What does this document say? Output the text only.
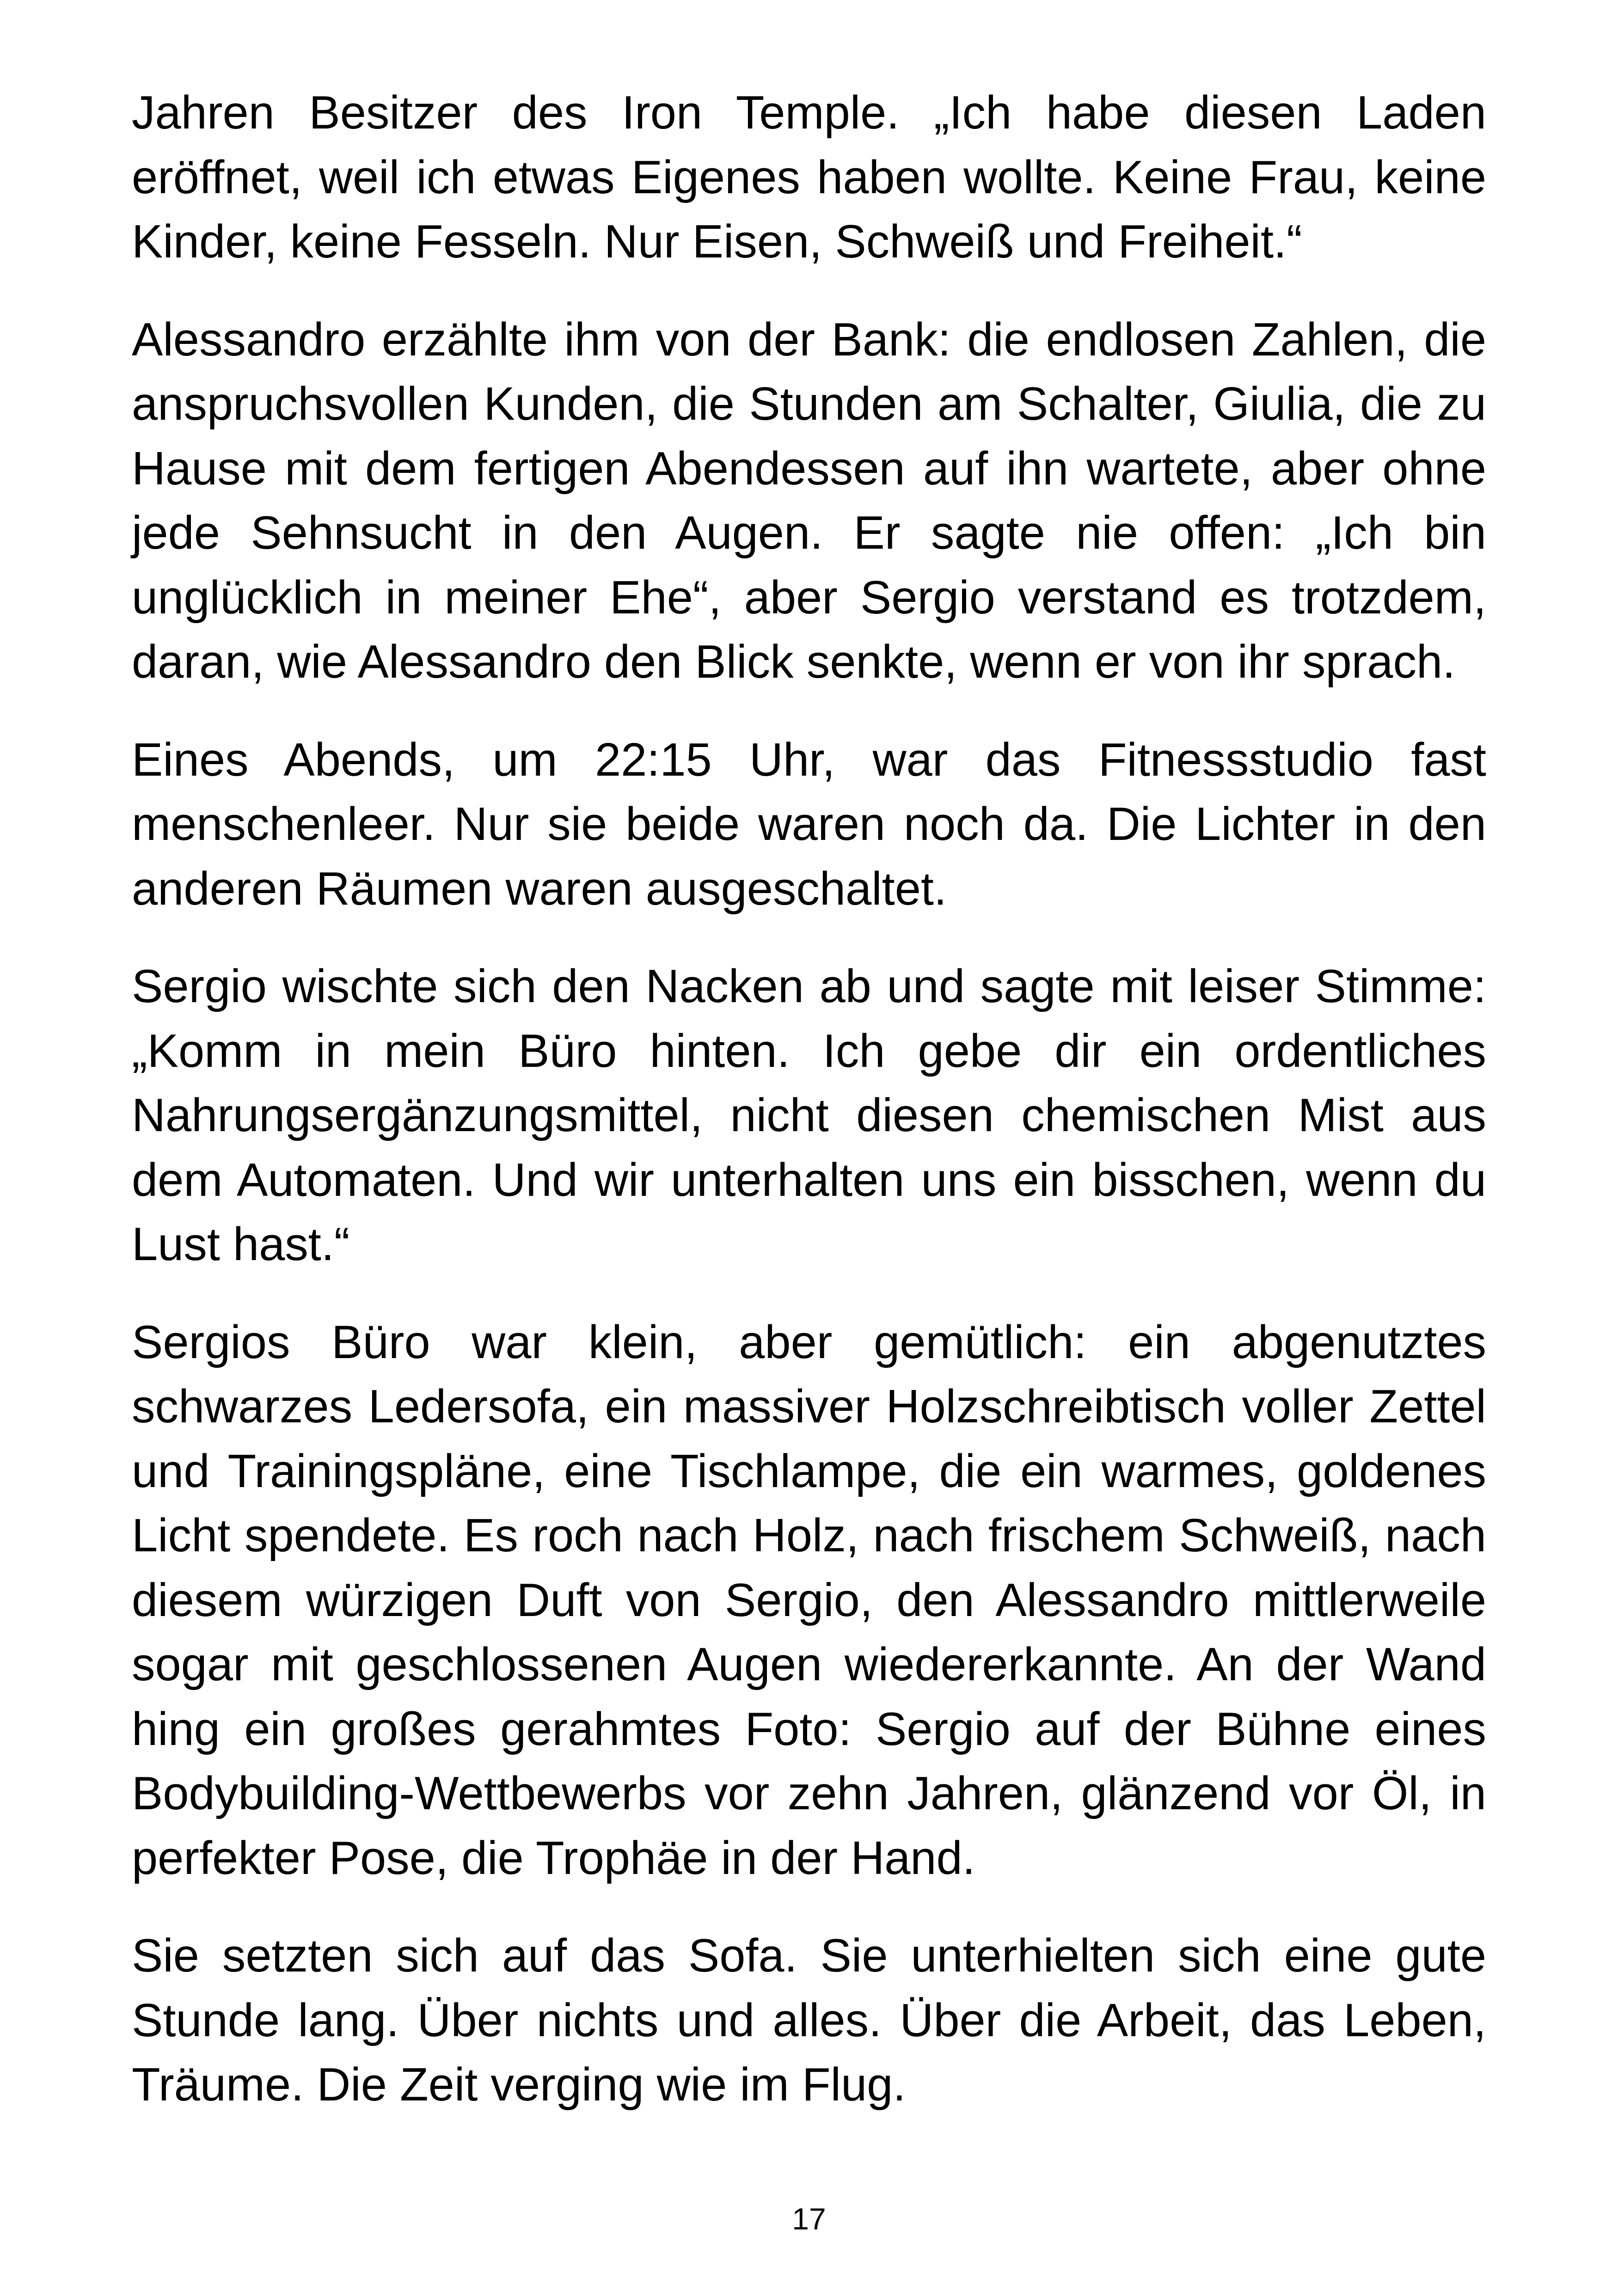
Jahren Besitzer des Iron Temple. „Ich habe diesen Laden eröffnet, weil ich etwas Eigenes haben wollte. Keine Frau, keine Kinder, keine Fesseln. Nur Eisen, Schweiß und Freiheit.“

Alessandro erzählte ihm von der Bank: die endlosen Zahlen, die anspruchsvollen Kunden, die Stunden am Schalter, Giulia, die zu Hause mit dem fertigen Abendessen auf ihn wartete, aber ohne jede Sehnsucht in den Augen. Er sagte nie offen: „Ich bin unglücklich in meiner Ehe“, aber Sergio verstand es trotzdem, daran, wie Alessandro den Blick senkte, wenn er von ihr sprach.

Eines Abends, um 22:15 Uhr, war das Fitnessstudio fast menschenleer. Nur sie beide waren noch da. Die Lichter in den anderen Räumen waren ausgeschaltet.

Sergio wischte sich den Nacken ab und sagte mit leiser Stimme: „Komm in mein Büro hinten. Ich gebe dir ein ordentliches Nahrungsergänzungsmittel, nicht diesen chemischen Mist aus dem Automaten. Und wir unterhalten uns ein bisschen, wenn du Lust hast.“

Sergios Büro war klein, aber gemütlich: ein abgenutztes schwarzes Ledersofa, ein massiver Holzschreibtisch voller Zettel und Trainingspläne, eine Tischlampe, die ein warmes, goldenes Licht spendete. Es roch nach Holz, nach frischem Schweiß, nach diesem würzigen Duft von Sergio, den Alessandro mittlerweile sogar mit geschlossenen Augen wiedererkannte. An der Wand hing ein großes gerahmtes Foto: Sergio auf der Bühne eines Bodybuilding-Wettbewerbs vor zehn Jahren, glänzend vor Öl, in perfekter Pose, die Trophäe in der Hand.

Sie setzten sich auf das Sofa. Sie unterhielten sich eine gute Stunde lang. Über nichts und alles. Über die Arbeit, das Leben, Träume. Die Zeit verging wie im Flug.

17
